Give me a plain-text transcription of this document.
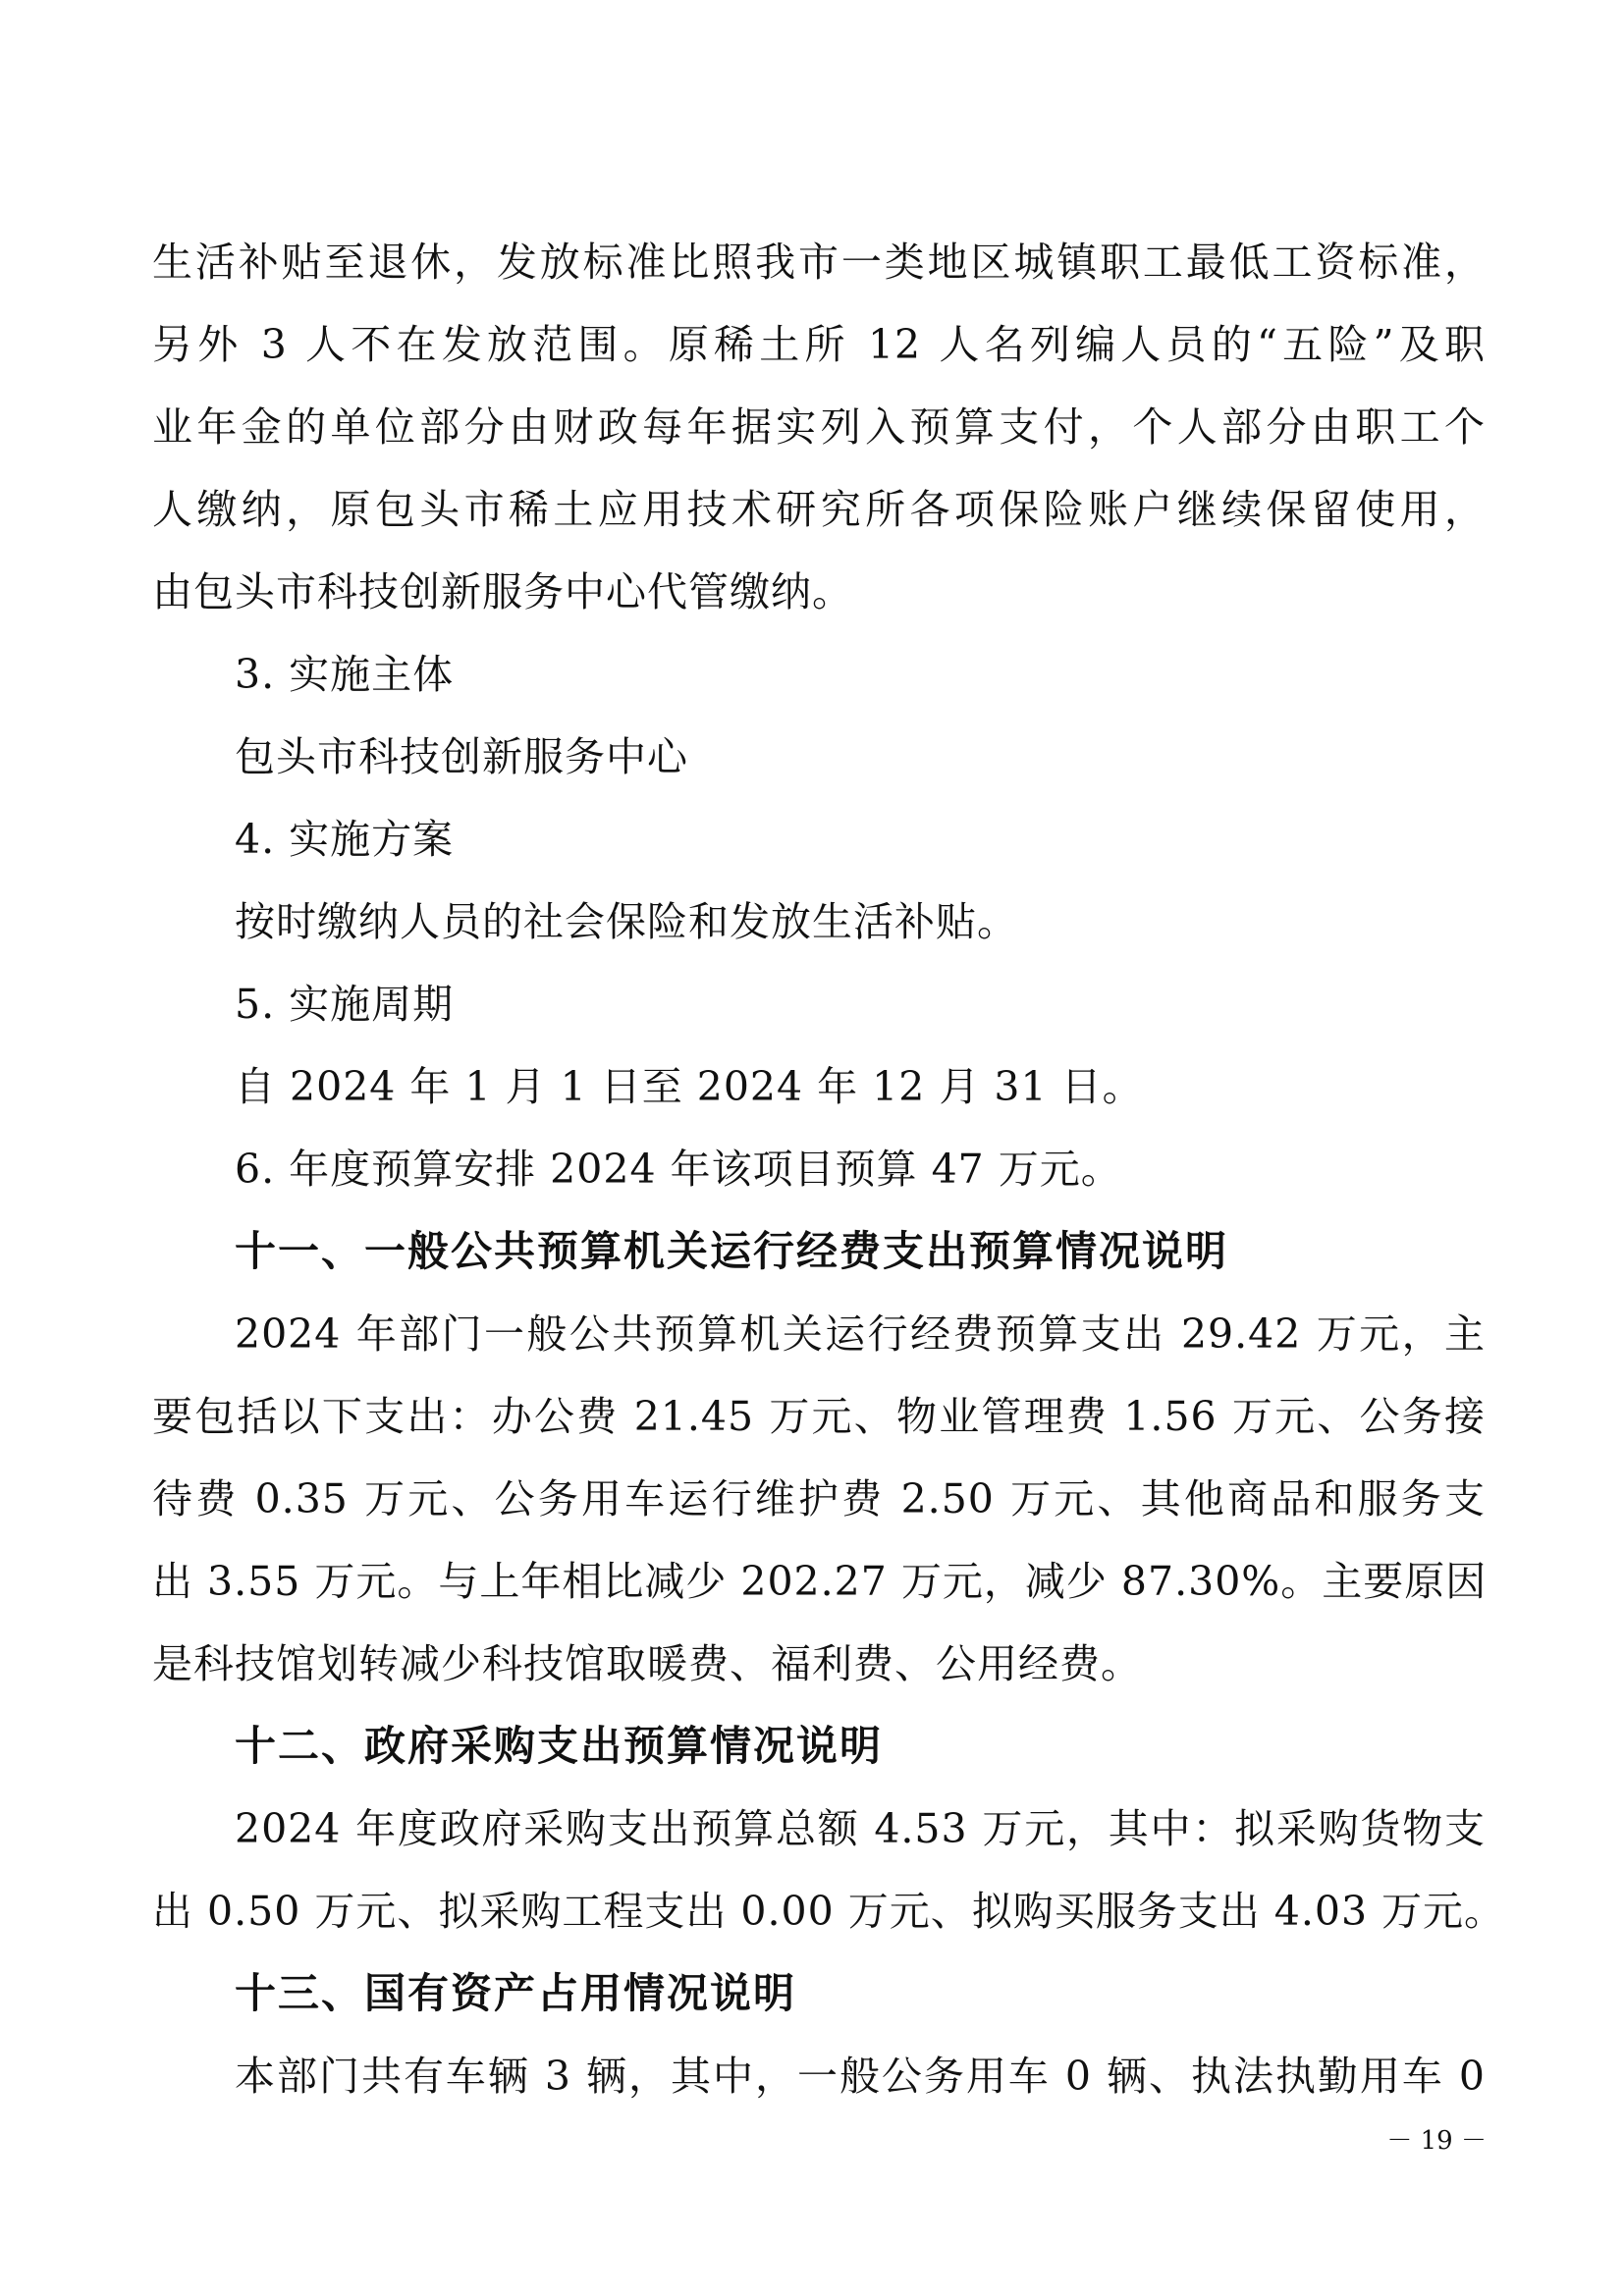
生活补贴至退休，发放标准比照我市一类地区城镇职工最低工资标准，

另外 3 人不在发放范围。原稀土所 12 人名列编人员的“五险”及职

业年金的单位部分由财政每年据实列入预算支付，个人部分由职工个

人缴纳，原包头市稀土应用技术研究所各项保险账户继续保留使用，

由包头市科技创新服务中心代管缴纳。

3. 实施主体

包头市科技创新服务中心

4. 实施方案

按时缴纳人员的社会保险和发放生活补贴。

5. 实施周期

自 2024 年 1 月 1 日至 2024 年 12 月 31 日。

6. 年度预算安排 2024 年该项目预算 47 万元。

十一、一般公共预算机关运行经费支出预算情况说明

2024 年部门一般公共预算机关运行经费预算支出 29.42 万元，主

要包括以下支出：办公费 21.45 万元、物业管理费 1.56 万元、公务接

待费 0.35 万元、公务用车运行维护费 2.50 万元、其他商品和服务支

出 3.55 万元。与上年相比减少 202.27 万元，减少 87.30%。主要原因

是科技馆划转减少科技馆取暖费、福利费、公用经费。

十二、政府采购支出预算情况说明

2024 年度政府采购支出预算总额 4.53 万元，其中：拟采购货物支

出 0.50 万元、拟采购工程支出 0.00 万元、拟购买服务支出 4.03 万元。

十三、国有资产占用情况说明

本部门共有车辆 3 辆，其中，一般公务用车 0 辆、执法执勤用车 0

－ 19 －
